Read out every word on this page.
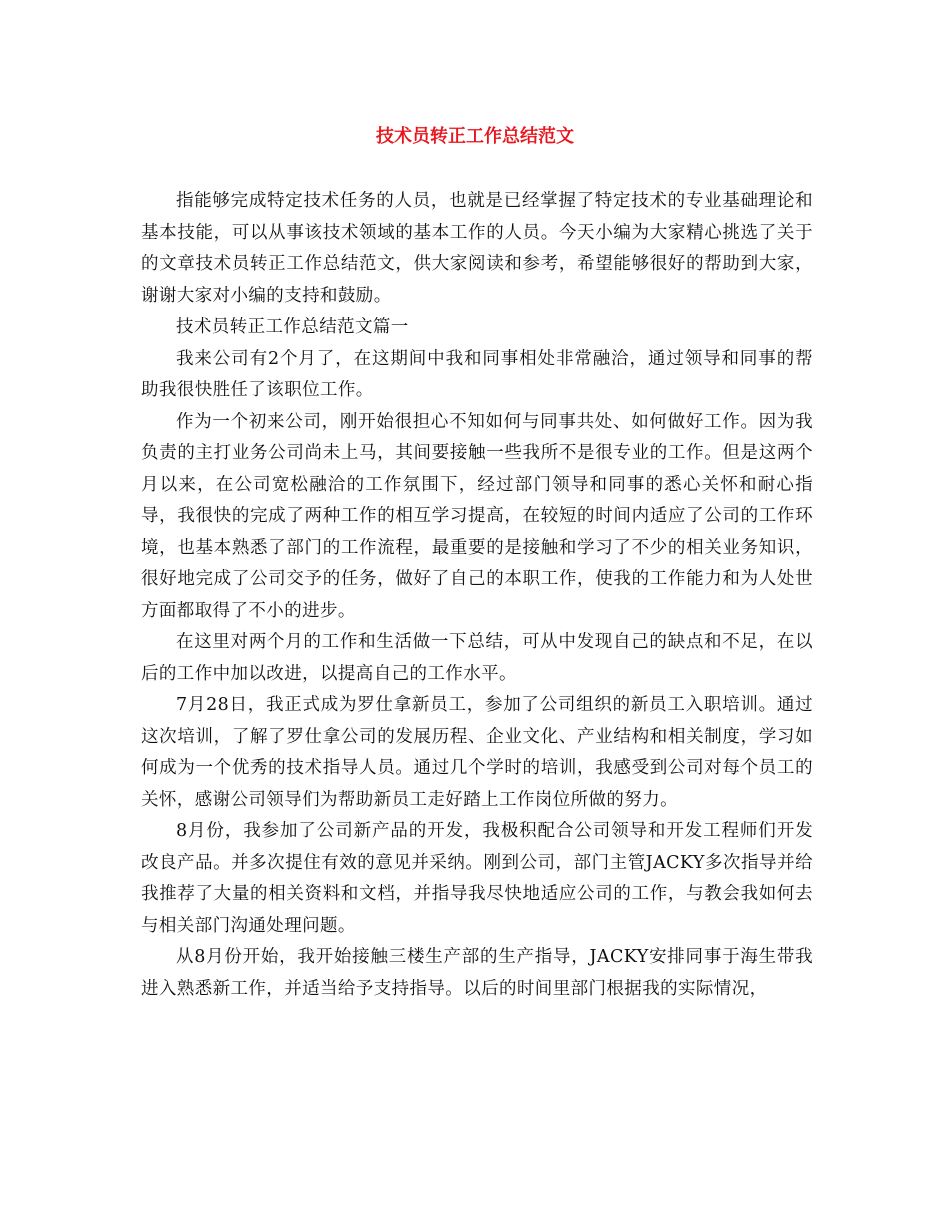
技术员转正工作总结范文

指能够完成特定技术任务的人员，也就是已经掌握了特定技术的专业基础理论和基本技能，可以从事该技术领域的基本工作的人员。今天小编为大家精心挑选了关于的文章技术员转正工作总结范文，供大家阅读和参考，希望能够很好的帮助到大家，谢谢大家对小编的支持和鼓励。

技术员转正工作总结范文篇一

我来公司有2个月了，在这期间中我和同事相处非常融洽，通过领导和同事的帮助我很快胜任了该职位工作。

作为一个初来公司，刚开始很担心不知如何与同事共处、如何做好工作。因为我负责的主打业务公司尚未上马，其间要接触一些我所不是很专业的工作。但是这两个月以来，在公司宽松融洽的工作氛围下，经过部门领导和同事的悉心关怀和耐心指导，我很快的完成了两种工作的相互学习提高，在较短的时间内适应了公司的工作环境，也基本熟悉了部门的工作流程，最重要的是接触和学习了不少的相关业务知识，很好地完成了公司交予的任务，做好了自己的本职工作，使我的工作能力和为人处世方面都取得了不小的进步。

在这里对两个月的工作和生活做一下总结，可从中发现自己的缺点和不足，在以后的工作中加以改进，以提高自己的工作水平。

7月28日，我正式成为罗仕拿新员工，参加了公司组织的新员工入职培训。通过这次培训，了解了罗仕拿公司的发展历程、企业文化、产业结构和相关制度，学习如何成为一个优秀的技术指导人员。通过几个学时的培训，我感受到公司对每个员工的关怀，感谢公司领导们为帮助新员工走好踏上工作岗位所做的努力。

8月份，我参加了公司新产品的开发，我极积配合公司领导和开发工程师们开发改良产品。并多次提住有效的意见并采纳。刚到公司，部门主管JACKY多次指导并给我推荐了大量的相关资料和文档，并指导我尽快地适应公司的工作，与教会我如何去与相关部门沟通处理问题。

从8月份开始，我开始接触三楼生产部的生产指导，JACKY安排同事于海生带我进入熟悉新工作，并适当给予支持指导。以后的时间里部门根据我的实际情况，
